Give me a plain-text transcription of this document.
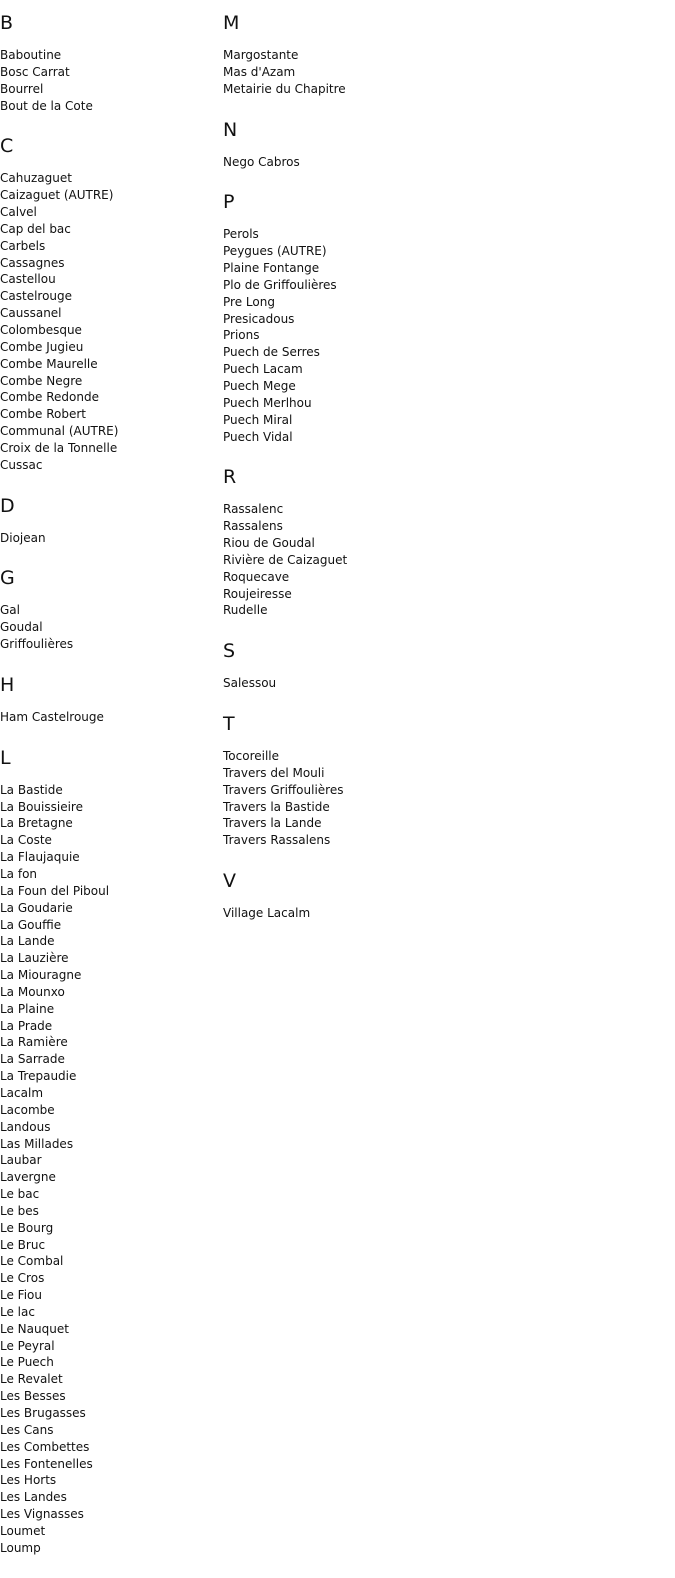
B
Baboutine
Bosc Carrat
Bourrel
Bout de la Cote
C
Cahuzaguet
Caizaguet (AUTRE)
Calvel
Cap del bac
Carbels
Cassagnes
Castellou
Castelrouge
Caussanel
Colombesque
Combe Jugieu
Combe Maurelle
Combe Negre
Combe Redonde
Combe Robert
Communal (AUTRE)
Croix de la Tonnelle
Cussac
D
Diojean
G
Gal
Goudal
Griffoulières
H
Ham Castelrouge
L
La Bastide
La Bouissieire
La Bretagne
La Coste
La Flaujaquie
La fon
La Foun del Piboul
La Goudarie
La Gouffie
La Lande
La Lauzière
La Miouragne
La Mounxo
La Plaine
La Prade
La Ramière
La Sarrade
La Trepaudie
Lacalm
Lacombe
Landous
Las Millades
Laubar
Lavergne
Le bac
Le bes
Le Bourg
Le Bruc
Le Combal
Le Cros
Le Fiou
Le lac
Le Nauquet
Le Peyral
Le Puech
Le Revalet
Les Besses
Les Brugasses
Les Cans
Les Combettes
Les Fontenelles
Les Horts
Les Landes
Les Vignasses
Loumet
Loump
M
Margostante
Mas d'Azam
Metairie du Chapitre
N
Nego Cabros
P
Perols
Peygues (AUTRE)
Plaine Fontange
Plo de Griffoulières
Pre Long
Presicadous
Prions
Puech de Serres
Puech Lacam
Puech Mege
Puech Merlhou
Puech Miral
Puech Vidal
R
Rassalenc
Rassalens
Riou de Goudal
Rivière de Caizaguet
Roquecave
Roujeiresse
Rudelle
S
Salessou
T
Tocoreille
Travers del Mouli
Travers Griffoulières
Travers la Bastide
Travers la Lande
Travers Rassalens
V
Village Lacalm
